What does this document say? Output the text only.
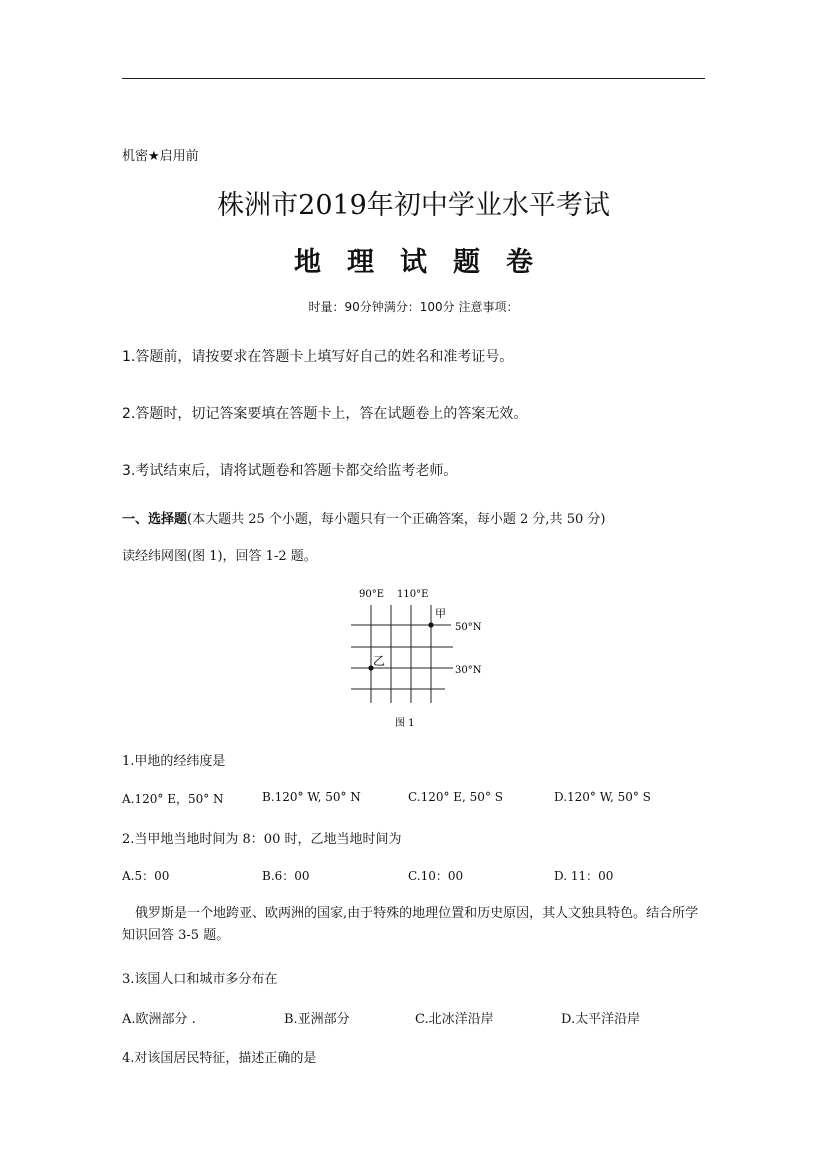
机密★启用前
株洲市2019年初中学业水平考试
地 理 试 题 卷
时量：90分钟满分：100分 注意事项：
1.答题前，请按要求在答题卡上填写好自己的姓名和准考证号。
2.答题时，切记答案要填在答题卡上，答在试题卷上的答案无效。
3.考试结束后，请将试题卷和答题卡都交给监考老师。
一、选择题(本大题共 25 个小题，每小题只有一个正确答案，每小题 2 分,共 50 分)
读经纬网图(图 1)，回答 1-2 题。
90°E 110°E
甲
乙
50°N
30°N
图 1
1.甲地的经纬度是
A.120° E，50° N	B.120° W, 50° N	C.120° E, 50° S	D.120° W, 50° S
2.当甲地当地时间为 8：00 时，乙地当地时间为
A.5：00	B.6：00	C.10：00	D. 11：00
俄罗斯是一个地跨亚、欧两洲的国家,由于特殊的地理位置和历史原因，其人文独具特色。结合所学知识回答 3-5 题。
3.该国人口和城市多分布在
A.欧洲部分 .	B.亚洲部分	C.北冰洋沿岸	D.太平洋沿岸
4.对该国居民特征，描述正确的是
